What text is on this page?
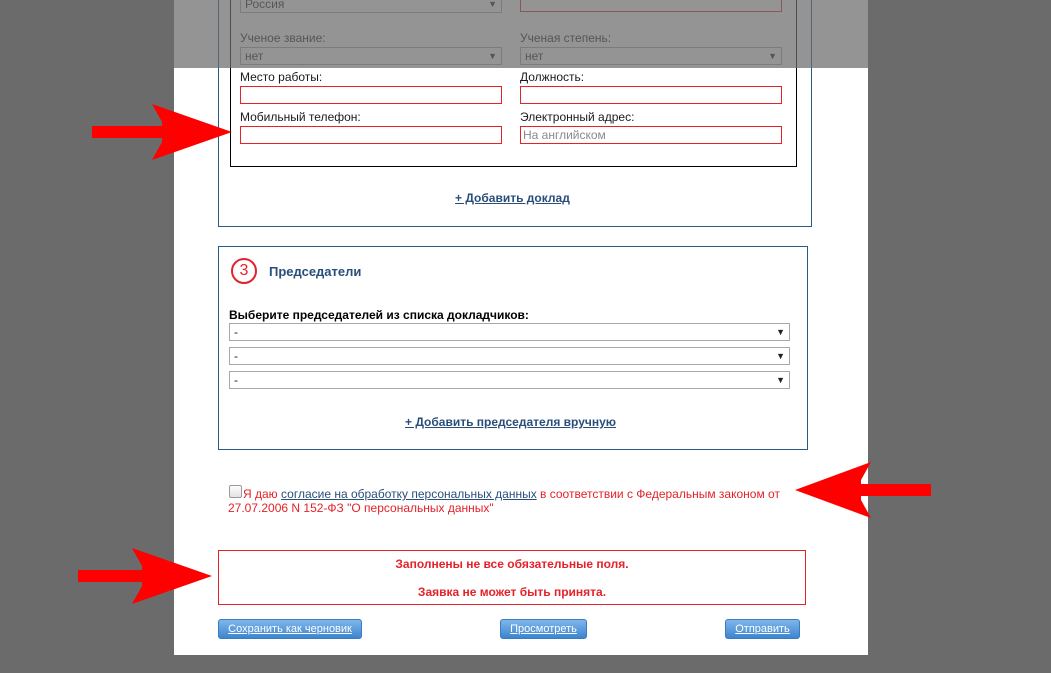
Место работы:	Должность:
Мобильный телефон:	Электронный адрес:
На английском
+ Добавить доклад
3	Председатели
Выберите председателей из списка докладчиков:
-	▼
-	▼
-	▼
+ Добавить председателя вручную
Я даю согласие на обработку персональных данных в соответствии с Федеральным законом от 27.07.2006 N 152-ФЗ "О персональных данных"
Заполнены не все обязательные поля.
Заявка не может быть принята.
Сохранить как черновик	Просмотреть	Отправить
